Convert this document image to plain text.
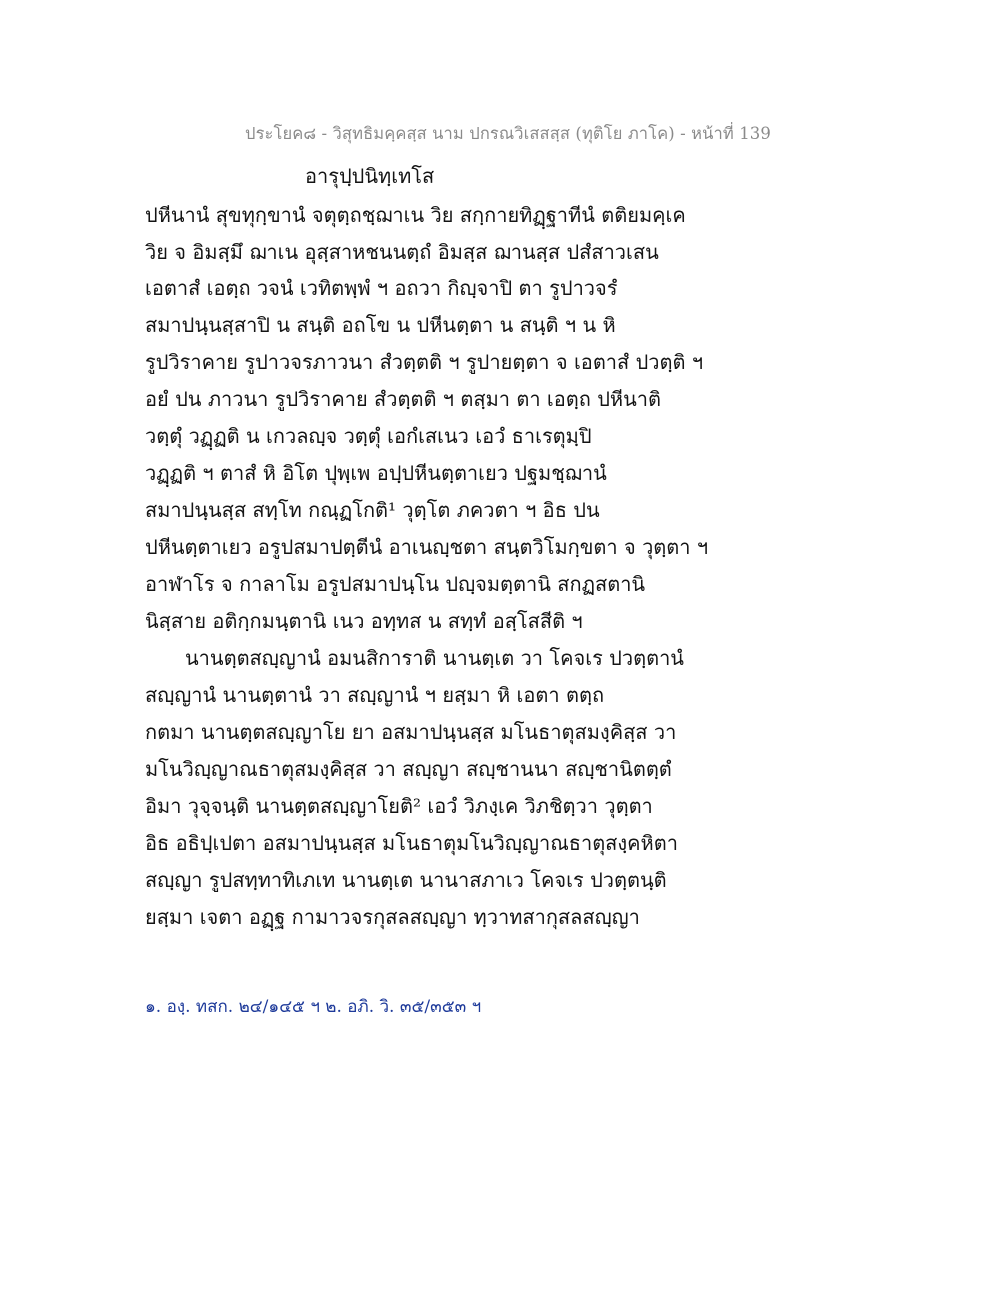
ประโยค๘ - วิสุทธิมคฺคสฺส นาม ปกรณวิเสสสฺส (ทุติโย ภาโค) - หน้าที่ 139
อารุปฺปนิทฺเทโส
ปหีนานํ สุขทุกฺขานํ จตุตฺถชฺฌาเน วิย สกฺกายทิฏฺฐาทีนํ ตติยมคฺเค
วิย จ อิมสฺมึ ฌาเน อุสฺสาหชนนตฺถํ อิมสฺส ฌานสฺส ปสํสาวเสน
เอตาสํ เอตฺถ วจนํ เวทิตพฺพํ ฯ อถวา กิญฺจาปิ ตา รูปาวจรํ
สมาปนฺนสฺสาปิ น สนฺติ อถโข น ปหีนตฺตา น สนฺติ ฯ น หิ
รูปวิราคาย รูปาวจรภาวนา สํวตฺตติ ฯ รูปายตฺตา จ เอตาสํ ปวตฺติ ฯ
อยํ ปน ภาวนา รูปวิราคาย สํวตฺตติ ฯ ตสฺมา ตา เอตฺถ ปหีนาติ
วตฺตุํ วฏฺฏติ น เกวลญฺจ วตฺตุํ เอกํเสเนว เอวํ ธาเรตุมฺปิ
วฏฺฏติ ฯ ตาสํ หิ อิโต ปุพฺเพ อปฺปหีนตฺตาเยว ปฐมชฺฌานํ
สมาปนฺนสฺส สทฺโท กณฺฏโกติ¹ วุตฺโต ภควตา ฯ อิธ ปน
ปหีนตฺตาเยว อรูปสมาปตฺตีนํ อาเนญฺชตา สนฺตวิโมกฺขตา จ วุตฺตา ฯ
อาฬาโร จ กาลาโม อรูปสมาปนฺโน ปญฺจมตฺตานิ สกฏสตานิ
นิสฺสาย อติกฺกมนฺตานิ เนว อทฺทส น สทฺทํ อสฺโสสีติ ฯ
นานตฺตสญฺญานํ อมนสิการาติ นานตฺเต วา โคจเร ปวตฺตานํ
สญฺญานํ นานตฺตานํ วา สญฺญานํ ฯ ยสฺมา หิ เอตา ตตฺถ
กตมา นานตฺตสญฺญาโย ยา อสมาปนฺนสฺส มโนธาตุสมงฺคิสฺส วา
มโนวิญฺญาณธาตุสมงฺคิสฺส วา สญฺญา สญฺชานนา สญฺชานิตตฺตํ
อิมา วุจฺจนฺติ นานตฺตสญฺญาโยติ² เอวํ วิภงฺเค วิภชิตฺวา วุตฺตา
อิธ อธิปฺเปตา อสมาปนฺนสฺส มโนธาตุมโนวิญฺญาณธาตุสงฺคหิตา
สญฺญา รูปสทฺทาทิเภเท นานตฺเต นานาสภาเว โคจเร ปวตฺตนฺติ
ยสฺมา เจตา อฏฺฐ กามาวจรกุสลสญฺญา ทฺวาทสากุสลสญฺญา
๑. องฺ. ทสก. ๒๔/๑๔๕ ฯ ๒. อภิ. วิ. ๓๕/๓๕๓ ฯ
